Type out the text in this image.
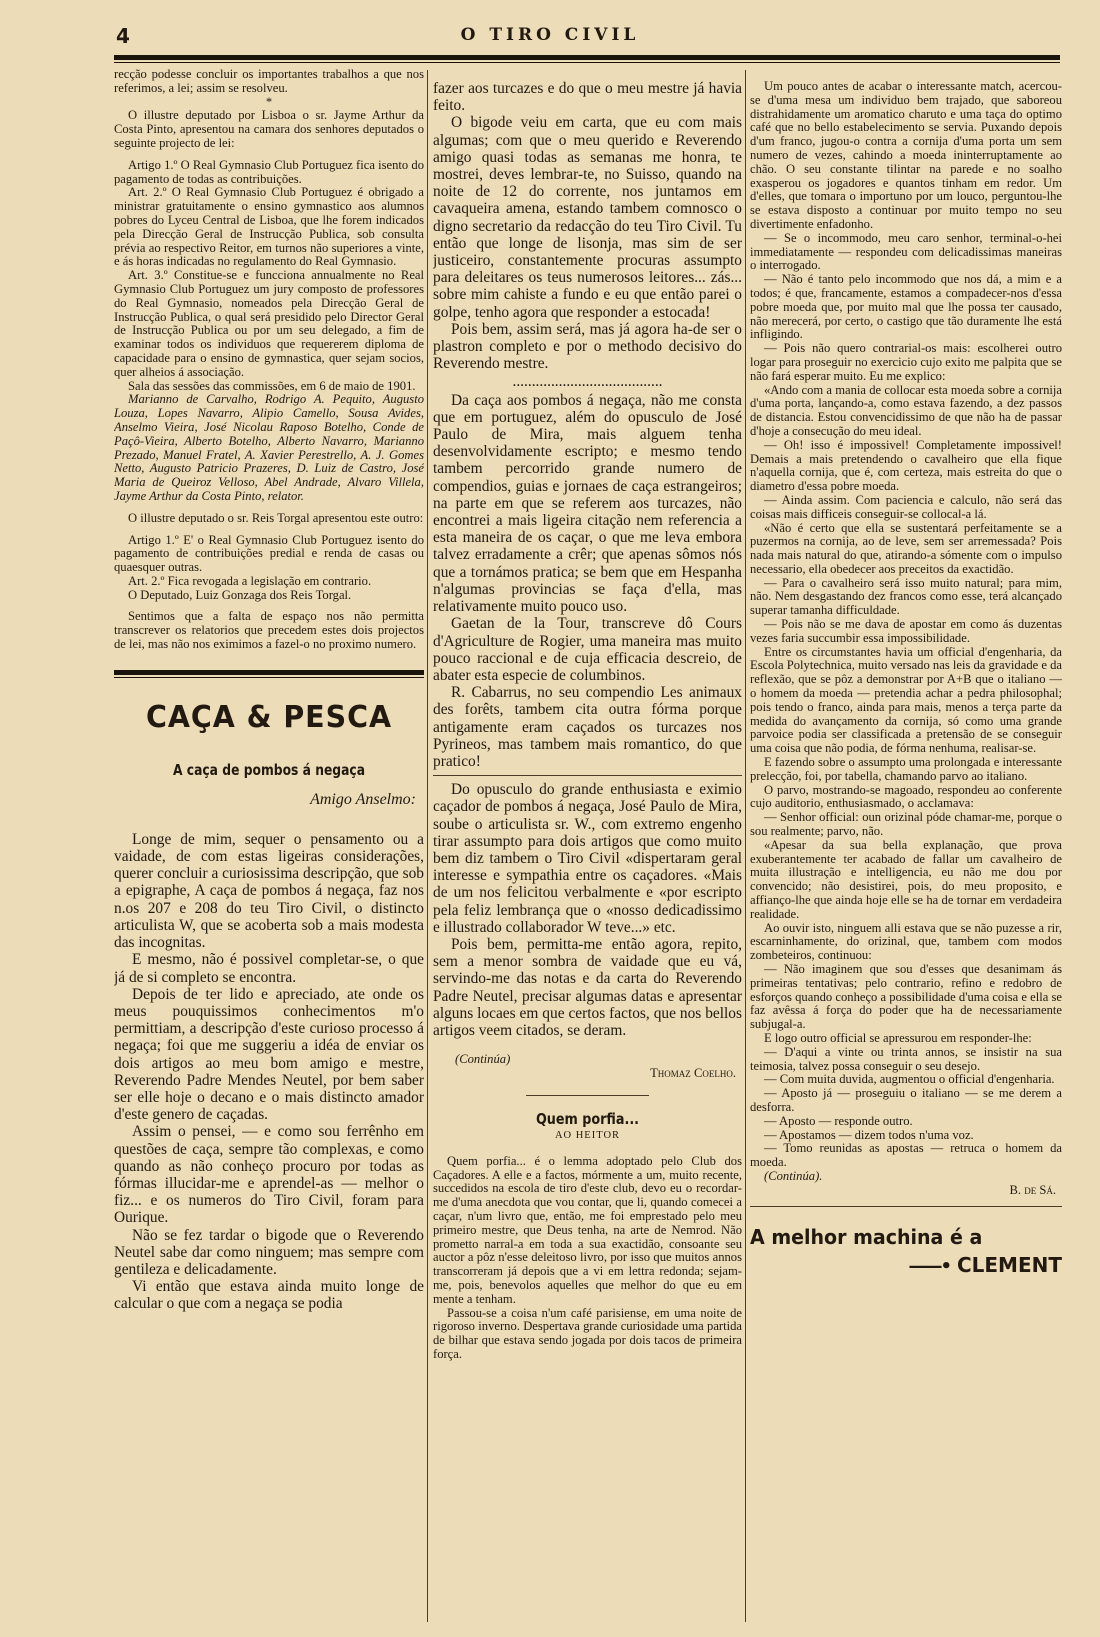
4	O TIRO CIVIL

recção podesse concluir os importantes trabalhos a que nos referimos, a lei; assim se resolveu.

*

O illustre deputado por Lisboa o sr. Jayme Arthur da Costa Pinto, apresentou na camara dos senhores deputados o seguinte projecto de lei:

Artigo 1.º O Real Gymnasio Club Portuguez fica isento do pagamento de todas as contribuições.

Art. 2.º O Real Gymnasio Club Portuguez é obrigado a ministrar gratuitamente o ensino gymnastico aos alumnos pobres do Lyceu Central de Lisboa, que lhe forem indicados pela Direcção Geral de Instrucção Publica, sob consulta prévia ao respectivo Reitor, em turnos não superiores a vinte, e ás horas indicadas no regulamento do Real Gymnasio.

Art. 3.º Constitue-se e funcciona annualmente no Real Gymnasio Club Portuguez um jury composto de professores do Real Gymnasio, nomeados pela Direcção Geral de Instrucção Publica, o qual será presidido pelo Director Geral de Instrucção Publica ou por um seu delegado, a fim de examinar todos os individuos que requererem diploma de capacidade para o ensino de gymnastica, quer sejam socios, quer alheios á associação.

Sala das sessões das commissões, em 6 de maio de 1901.

Marianno de Carvalho, Rodrigo A. Pequito, Augusto Louza, Lopes Navarro, Alipio Camello, Sousa Avides, Anselmo Vieira, José Nicolau Raposo Botelho, Conde de Paçô-Vieira, Alberto Botelho, Alberto Navarro, Marianno Prezado, Manuel Fratel, A. Xavier Perestrello, A. J. Gomes Netto, Augusto Patricio Prazeres, D. Luiz de Castro, José Maria de Queiroz Velloso, Abel Andrade, Alvaro Villela, Jayme Arthur da Costa Pinto, relator.

O illustre deputado o sr. Reis Torgal apresentou este outro:

Artigo 1.º E' o Real Gymnasio Club Portuguez isento do pagamento de contribuições predial e renda de casas ou quaesquer outras.

Art. 2.º Fica revogada a legislação em contrario.

O Deputado, Luiz Gonzaga dos Reis Torgal.

Sentimos que a falta de espaço nos não permitta transcrever os relatorios que precedem estes dois projectos de lei, mas não nos eximimos a fazel-o no proximo numero.

CAÇA & PESCA
A caça de pombos á negaça
Amigo Anselmo:

Longe de mim, sequer o pensamento ou a vaidade, de com estas ligeiras considerações, querer concluir a curiosissima descripção, que sob a epigraphe, A caça de pombos á negaça, faz nos n.os 207 e 208 do teu Tiro Civil, o distincto articulista W, que se acoberta sob a mais modesta das incognitas.

E mesmo, não é possivel completar-se, o que já de si completo se encontra.

Depois de ter lido e apreciado, ate onde os meus pouquissimos conhecimentos m'o permittiam, a descripção d'este curioso processo á negaça; foi que me suggeriu a idéa de enviar os dois artigos ao meu bom amigo e mestre, Reverendo Padre Mendes Neutel, por bem saber ser elle hoje o decano e o mais distincto amador d'este genero de caçadas.

Assim o pensei, — e como sou ferrênho em questões de caça, sempre tão complexas, e como quando as não conheço procuro por todas as fórmas illucidar-me e aprendel-as — melhor o fiz... e os numeros do Tiro Civil, foram para Ourique.

Não se fez tardar o bigode que o Reverendo Neutel sabe dar como ninguem; mas sempre com gentileza e delicadamente.

Vi então que estava ainda muito longe de calcular o que com a negaça se podia

fazer aos turcazes e do que o meu mestre já havia feito.

O bigode veiu em carta, que eu com mais algumas; com que o meu querido e Reverendo amigo quasi todas as semanas me honra, te mostrei, deves lembrar-te, no Suisso, quando na noite de 12 do corrente, nos juntamos em cavaqueira amena, estando tambem comnosco o digno secretario da redacção do teu Tiro Civil. Tu então que longe de lisonja, mas sim de ser justiceiro, constantemente procuras assumpto para deleitares os teus numerosos leitores... zás... sobre mim cahiste a fundo e eu que então parei o golpe, tenho agora que responder a estocada!

Pois bem, assim será, mas já agora ha-de ser o plastron completo e por o methodo decisivo do Reverendo mestre.

.......................................

Da caça aos pombos á negaça, não me consta que em portuguez, além do opusculo de José Paulo de Mira, mais alguem tenha desenvolvidamente escripto; e mesmo tendo tambem percorrido grande numero de compendios, guias e jornaes de caça estrangeiros; na parte em que se referem aos turcazes, não encontrei a mais ligeira citação nem referencia a esta maneira de os caçar, o que me leva embora talvez erradamente a crêr; que apenas sômos nós que a tornámos pratica; se bem que em Hespanha n'algumas provincias se faça d'ella, mas relativamente muito pouco uso.

Gaetan de la Tour, transcreve dô Cours d'Agriculture de Rogier, uma maneira mas muito pouco raccional e de cuja efficacia descreio, de abater esta especie de columbinos.

R. Cabarrus, no seu compendio Les animaux des forêts, tambem cita outra fórma porque antigamente eram caçados os turcazes nos Pyrineos, mas tambem mais romantico, do que pratico!

Do opusculo do grande enthusiasta e eximio caçador de pombos á negaça, José Paulo de Mira, soube o articulista sr. W., com extremo engenho tirar assumpto para dois artigos que como muito bem diz tambem o Tiro Civil «dispertaram geral interesse e sympathia entre os caçadores. «Mais de um nos felicitou verbalmente e «por escripto pela feliz lembrança que o «nosso dedicadissimo e illustrado collaborador W teve...» etc.

Pois bem, permitta-me então agora, repito, sem a menor sombra de vaidade que eu vá, servindo-me das notas e da carta do Reverendo Padre Neutel, precisar algumas datas e apresentar alguns locaes em que certos factos, que nos bellos artigos veem citados, se deram.

(Continúa)

Thomaz Coelho.

Quem porfia...
AO HEITOR

Quem porfia... é o lemma adoptado pelo Club dos Caçadores. A elle e a factos, mórmente a um, muito recente, succedidos na escola de tiro d'este club, devo eu o recordar-me d'uma anecdota que vou contar, que li, quando comecei a caçar, n'um livro que, então, me foi emprestado pelo meu primeiro mestre, que Deus tenha, na arte de Nemrod. Não prometto narral-a em toda a sua exactidão, consoante seu auctor a pôz n'esse deleitoso livro, por isso que muitos annos transcorreram já depois que a vi em lettra redonda; sejam-me, pois, benevolos aquelles que melhor do que eu em mente a tenham.

Passou-se a coisa n'um café parisiense, em uma noite de rigoroso inverno. Despertava grande curiosidade uma partida de bilhar que estava sendo jogada por dois tacos de primeira força.

Um pouco antes de acabar o interessante match, acercou-se d'uma mesa um individuo bem trajado, que saboreou distrahidamente um aromatico charuto e uma taça do optimo café que no bello estabelecimento se servia. Puxando depois d'um franco, jugou-o contra a cornija d'uma porta um sem numero de vezes, cahindo a moeda ininterruptamente ao chão. O seu constante tilintar na parede e no soalho exasperou os jogadores e quantos tinham em redor. Um d'elles, que tomara o importuno por um louco, perguntou-lhe se estava disposto a continuar por muito tempo no seu divertimente enfadonho.

— Se o incommodo, meu caro senhor, terminal-o-hei immediatamente — respondeu com delicadissimas maneiras o interrogado.

— Não é tanto pelo incommodo que nos dá, a mim e a todos; é que, francamente, estamos a compadecer-nos d'essa pobre moeda que, por muito mal que lhe possa ter causado, não merecerá, por certo, o castigo que tão duramente lhe está infligindo.

— Pois não quero contrarial-os mais: escolherei outro logar para proseguir no exercicio cujo exito me palpita que se não fará esperar muito. Eu me explico:

«Ando com a mania de collocar esta moeda sobre a cornija d'uma porta, lançando-a, como estava fazendo, a dez passos de distancia. Estou convencidissimo de que não ha de passar d'hoje a consecução do meu ideal.

— Oh! isso é impossivel! Completamente impossivel! Demais a mais pretendendo o cavalheiro que ella fique n'aquella cornija, que é, com certeza, mais estreita do que o diametro d'essa pobre moeda.

— Ainda assim. Com paciencia e calculo, não será das coisas mais difficeis conseguir-se collocal-a lá.

«Não é certo que ella se sustentará perfeitamente se a puzermos na cornija, ao de leve, sem ser arremessada? Pois nada mais natural do que, atirando-a sómente com o impulso necessario, ella obedecer aos preceitos da exactidão.

— Para o cavalheiro será isso muito natural; para mim, não. Nem desgastando dez francos como esse, terá alcançado superar tamanha difficuldade.

— Pois não se me dava de apostar em como ás duzentas vezes faria succumbir essa impossibilidade.

Entre os circumstantes havia um official d'engenharia, da Escola Polytechnica, muito versado nas leis da gravidade e da reflexão, que se pôz a demonstrar por A+B que o italiano — o homem da moeda — pretendia achar a pedra philosophal; pois tendo o franco, ainda para mais, menos a terça parte da medida do avançamento da cornija, só como uma grande parvoice podia ser classificada a pretensão de se conseguir uma coisa que não podia, de fórma nenhuma, realisar-se.

E fazendo sobre o assumpto uma prolongada e interessante prelecção, foi, por tabella, chamando parvo ao italiano.

O parvo, mostrando-se magoado, respondeu ao conferente cujo auditorio, enthusiasmado, o acclamava:

— Senhor official: oun orizinal póde chamar-me, porque o sou realmente; parvo, não.

«Apesar da sua bella explanação, que prova exuberantemente ter acabado de fallar um cavalheiro de muita illustração e intelligencia, eu não me dou por convencido; não desistirei, pois, do meu proposito, e affianço-lhe que ainda hoje elle se ha de tornar em verdadeira realidade.

Ao ouvir isto, ninguem alli estava que se não puzesse a rir, escarninhamente, do orizinal, que, tambem com modos zombeteiros, continuou:

— Não imaginem que sou d'esses que desanimam ás primeiras tentativas; pelo contrario, refino e redobro de esforços quando conheço a possibilidade d'uma coisa e ella se faz avêssa á força do poder que ha de necessariamente subjugal-a.

E logo outro official se apressurou em responder-lhe:

— D'aqui a vinte ou trinta annos, se insistir na sua teimosia, talvez possa conseguir o seu desejo.

— Com muita duvida, augmentou o official d'engenharia.

— Aposto já — proseguiu o italiano — se me derem a desforra.

— Aposto — responde outro.

— Apostamos — dizem todos n'uma voz.

— Tomo reunidas as apostas — retruca o homem da moeda.

(Continúa).

B. de Sá.

A melhor machina é a
——• CLEMENT
